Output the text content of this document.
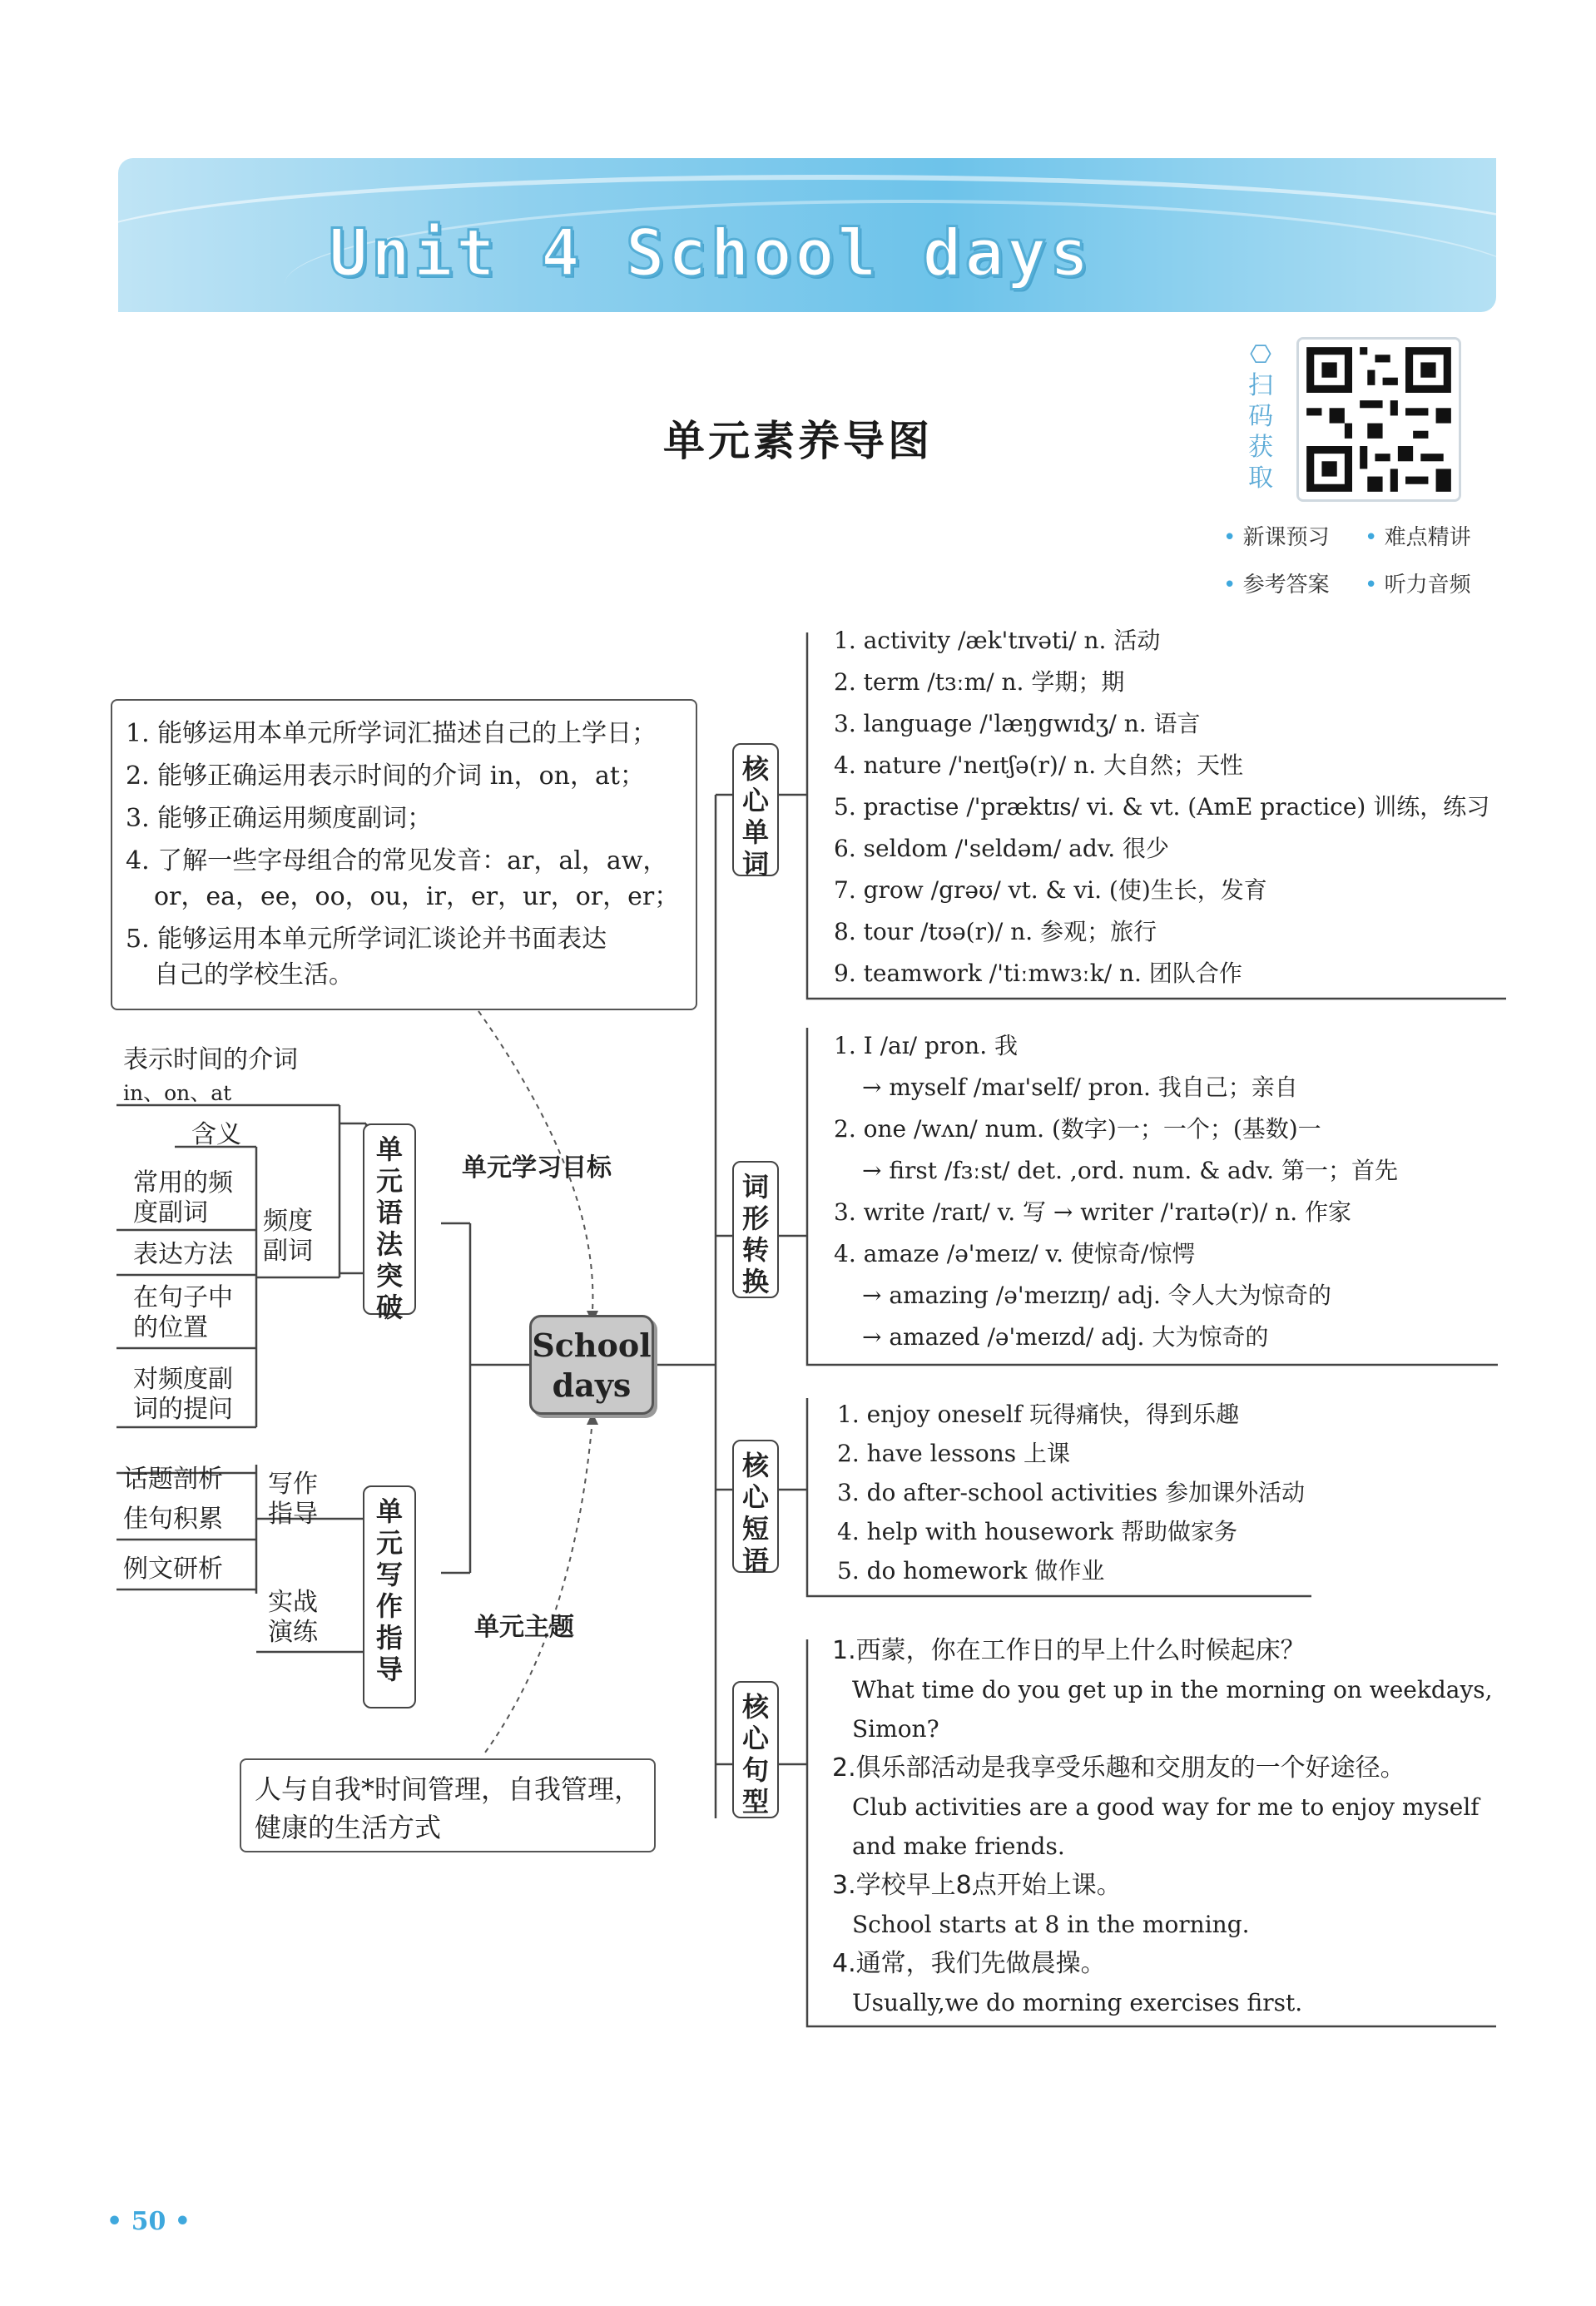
Unit 4 School days
单元素养导图
⎔
扫码获取
• 新课预习	• 难点精讲
• 参考答案	• 听力音频
1. 能够运用本单元所学词汇描述自己的上学日；
2. 能够正确运用表示时间的介词 in，on，at；
3. 能够正确运用频度副词；
4. 了解一些字母组合的常见发音：ar，al，aw，
or，ea，ee，oo，ou，ir，er，ur，or，er；
5. 能够运用本单元所学词汇谈论并书面表达
自己的学校生活。
School
days
单元学习目标
单元主题
单元语法突破
单元写作指导
核心单词
词形转换
核心短语
核心句型
表示时间的介词
in、on、at
含义
常用的频度副词
表达方法
在句子中的位置
对频度副词的提问
频度副词
话题剖析
佳句积累
例文研析
写作指导
实战演练
人与自我*时间管理，自我管理，健康的生活方式
1. activity /æk'tɪvəti/ n. 活动
2. term /tɜːm/ n. 学期；期
3. language /'læŋgwɪdʒ/ n. 语言
4. nature /'neɪtʃə(r)/ n. 大自然；天性
5. practise /'præktɪs/ vi. & vt. (AmE practice) 训练，练习
6. seldom /'seldəm/ adv. 很少
7. grow /grəʊ/ vt. & vi. (使)生长，发育
8. tour /tʊə(r)/ n. 参观；旅行
9. teamwork /'tiːmwɜːk/ n. 团队合作
1. I /aɪ/ pron. 我
→ myself /maɪ'self/ pron. 我自己；亲自
2. one /wʌn/ num. (数字)一；一个；(基数)一
→ first /fɜːst/ det. ,ord. num. & adv. 第一；首先
3. write /raɪt/ v. 写 → writer /'raɪtə(r)/ n. 作家
4. amaze /ə'meɪz/ v. 使惊奇/惊愕
→ amazing /ə'meɪzɪŋ/ adj. 令人大为惊奇的
→ amazed /ə'meɪzd/ adj. 大为惊奇的
1. enjoy oneself 玩得痛快，得到乐趣
2. have lessons 上课
3. do after-school activities 参加课外活动
4. help with housework 帮助做家务
5. do homework 做作业
1.西蒙，你在工作日的早上什么时候起床？
What time do you get up in the morning on weekdays, Simon?
2.俱乐部活动是我享受乐趣和交朋友的一个好途径。
Club activities are a good way for me to enjoy myself and make friends.
3.学校早上8点开始上课。
School starts at 8 in the morning.
4.通常，我们先做晨操。
Usually,we do morning exercises first.
• 50 •
